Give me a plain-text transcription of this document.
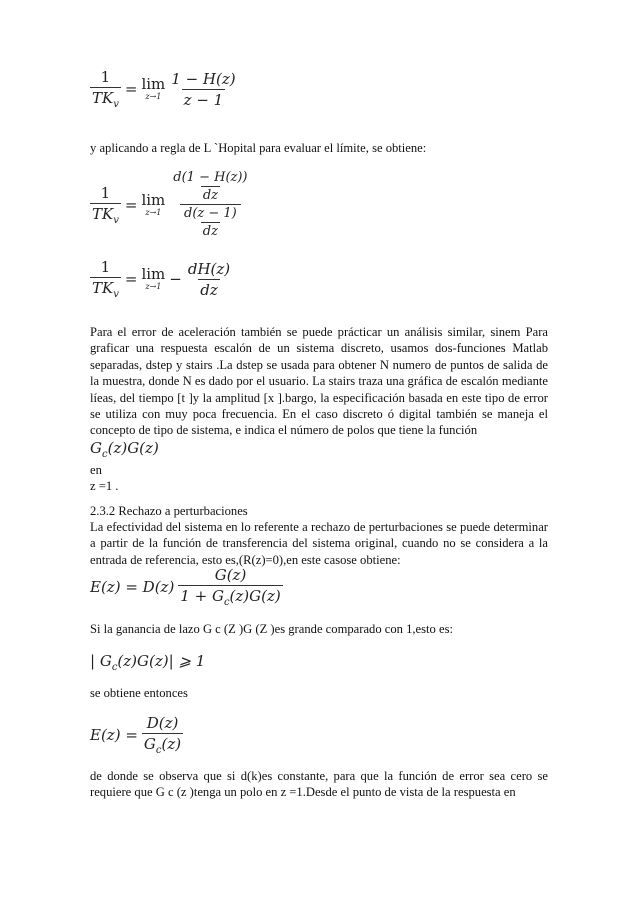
$\frac{1}{TK_v} = \lim$
$z\to 1 \frac{1 - H(z)}{z - 1}$

y aplicando a regla de L `Hopital para evaluar el límite, se obtiene:

$\frac{1}{TK_v} = \lim$
$z\to 1 \frac{\frac{d(1 - H(z))}{dz}}{\frac{d(z - 1)}{dz}}$
$\frac{1}{TK_v} = \lim$
$z\to 1 - \frac{dH(z)}{dz}$

Para el error de aceleración también se puede prácticar un análisis similar, sinem Para graficar una respuesta escalón de un sistema discreto, usamos dos-funciones Matlab separadas, dstep y stairs .La dstep se usada para obtener N numero de puntos de salida de la muestra, donde N es dado por el usuario. La stairs traza una gráfica de escalón mediante líeas, del tiempo [t ]y la amplitud [x ].bargo, la especificación basada en este tipo de error se utiliza con muy poca frecuencia. En el caso discreto ó digital también se maneja el concepto de tipo de sistema, e indica el número de polos que tiene la función

$G_c(z)G(z)$

en

z =1 .

2.3.2 Rechazo a perturbaciones

La efectividad del sistema en lo referente a rechazo de perturbaciones se puede determinar a partir de la función de transferencia del sistema original, cuando no se considera a la entrada de referencia, esto es,(R(z)=0),en este casose obtiene:

$E(z) = D(z) \frac{G(z)}{1 + G_c(z)G(z)}$

Si la ganancia de lazo G c (Z )G (Z )es grande comparado con 1,esto es:

| $G_c(z)G(z)|$ ⩾ 1

se obtiene entonces

$E(z) = \frac{D(z)}{G_c(z)}$

de donde se observa que si d(k)es constante, para que la función de error sea cero se requiere que G c (z )tenga un polo en z =1.Desde el punto de vista de la respuesta en
